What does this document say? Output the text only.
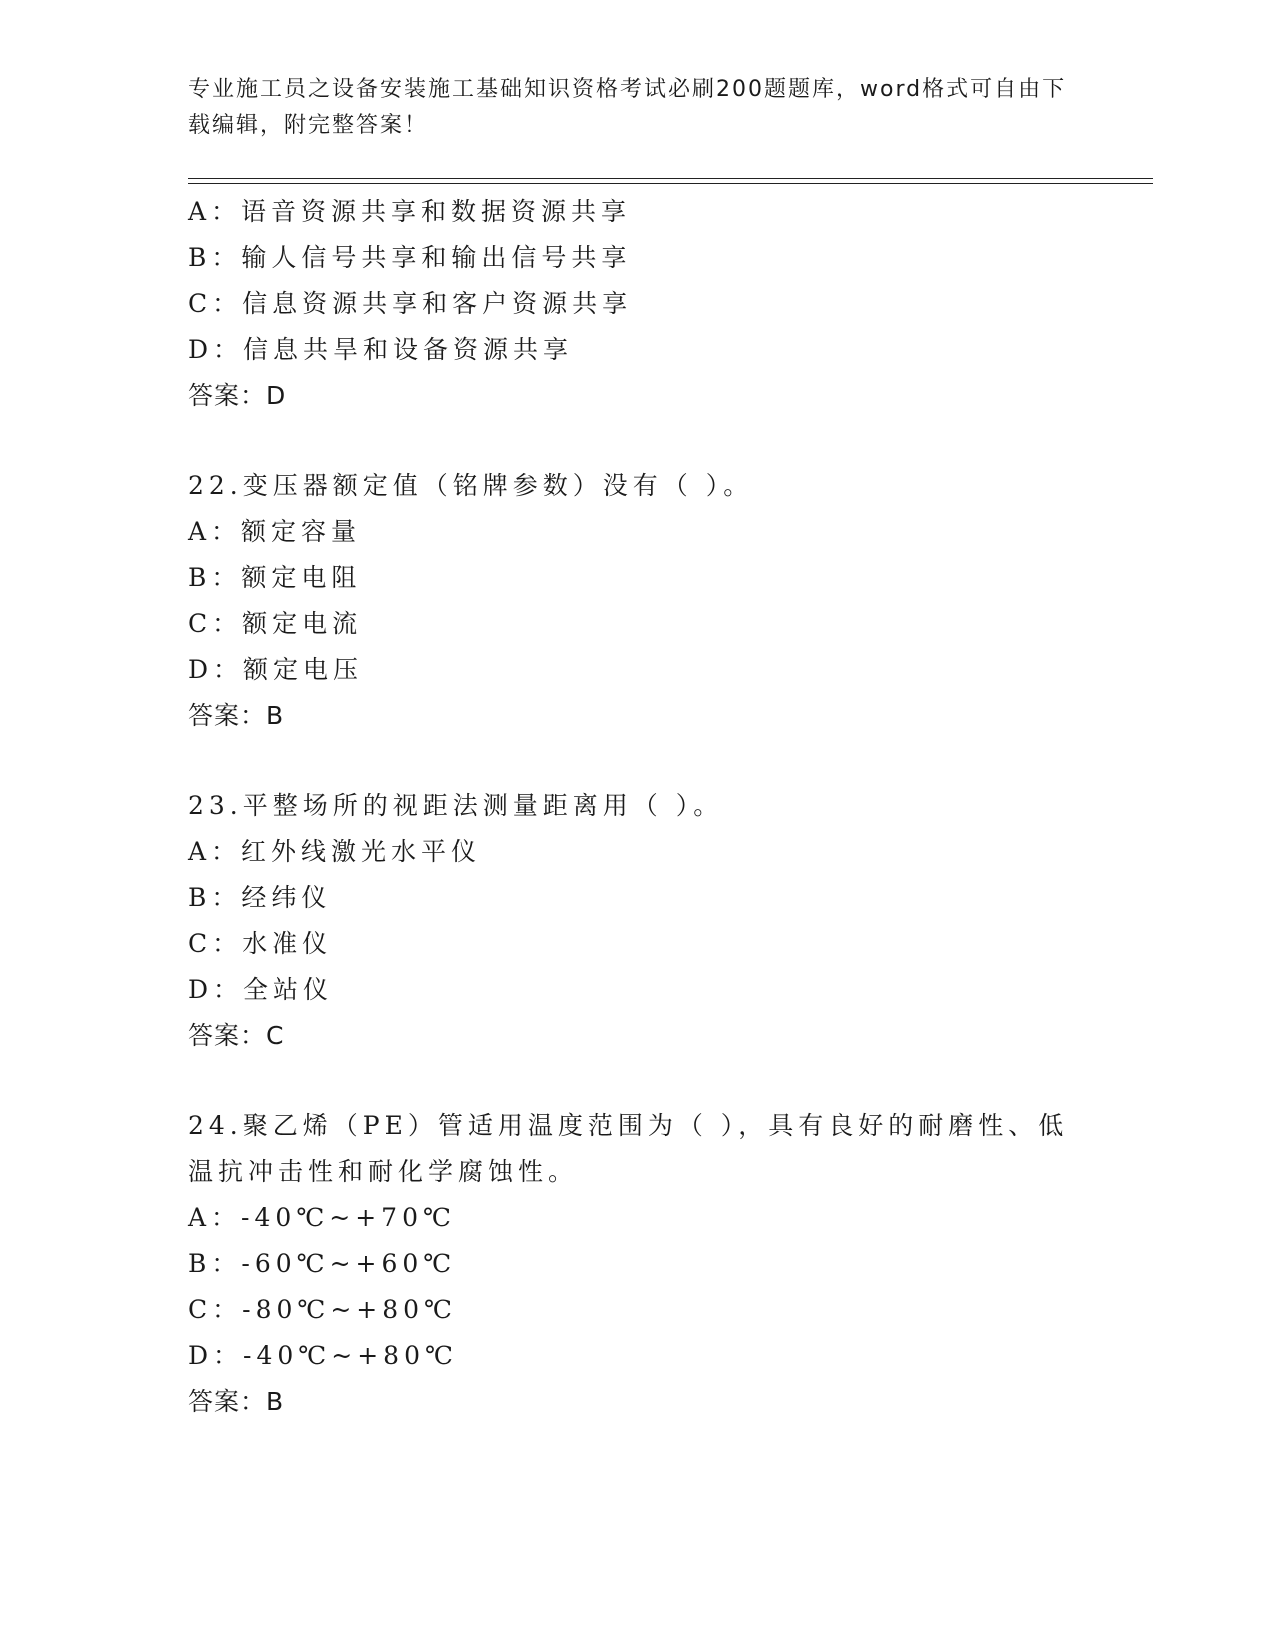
专业施工员之设备安装施工基础知识资格考试必刷200题题库，word格式可自由下载编辑，附完整答案！
A：语音资源共享和数据资源共享
B：输人信号共享和输出信号共享
C：信息资源共享和客户资源共享
D：信息共旱和设备资源共享
答案：D
22.变压器额定值（铭牌参数）没有（ ）。
A：额定容量
B：额定电阻
C：额定电流
D：额定电压
答案：B
23.平整场所的视距法测量距离用（ ）。
A：红外线激光水平仪
B：经纬仪
C：水准仪
D：全站仪
答案：C
24.聚乙烯（PE）管适用温度范围为（ ），具有良好的耐磨性、低温抗冲击性和耐化学腐蚀性。
A：-40℃~+70℃
B：-60℃~+60℃
C：-80℃~+80℃
D：-40℃~+80℃
答案：B
